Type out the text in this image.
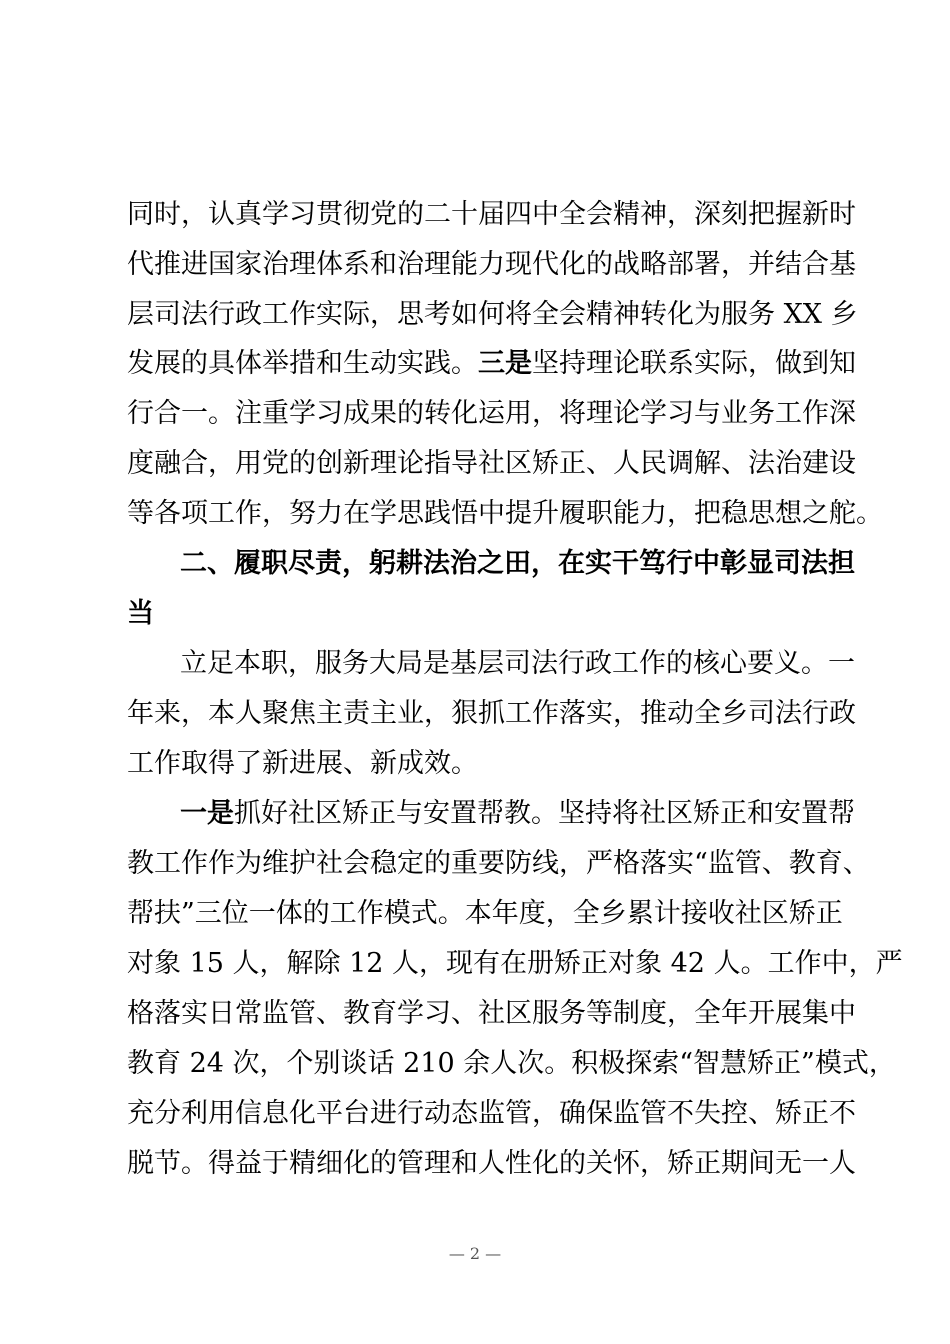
同时，认真学习贯彻党的二十届四中全会精神，深刻把握新时
代推进国家治理体系和治理能力现代化的战略部署，并结合基
层司法行政工作实际，思考如何将全会精神转化为服务 XX 乡
发展的具体举措和生动实践。三是坚持理论联系实际，做到知
行合一。注重学习成果的转化运用，将理论学习与业务工作深
度融合，用党的创新理论指导社区矫正、人民调解、法治建设
等各项工作，努力在学思践悟中提升履职能力，把稳思想之舵。
二、履职尽责，躬耕法治之田，在实干笃行中彰显司法担
当
立足本职，服务大局是基层司法行政工作的核心要义。一
年来，本人聚焦主责主业，狠抓工作落实，推动全乡司法行政
工作取得了新进展、新成效。
一是抓好社区矫正与安置帮教。坚持将社区矫正和安置帮
教工作作为维护社会稳定的重要防线，严格落实“监管、教育、
帮扶”三位一体的工作模式。本年度，全乡累计接收社区矫正
对象 15 人，解除 12 人，现有在册矫正对象 42 人。工作中，严
格落实日常监管、教育学习、社区服务等制度，全年开展集中
教育 24 次，个别谈话 210 余人次。积极探索“智慧矫正”模式，
充分利用信息化平台进行动态监管，确保监管不失控、矫正不
脱节。得益于精细化的管理和人性化的关怀，矫正期间无一人
— 2 —
